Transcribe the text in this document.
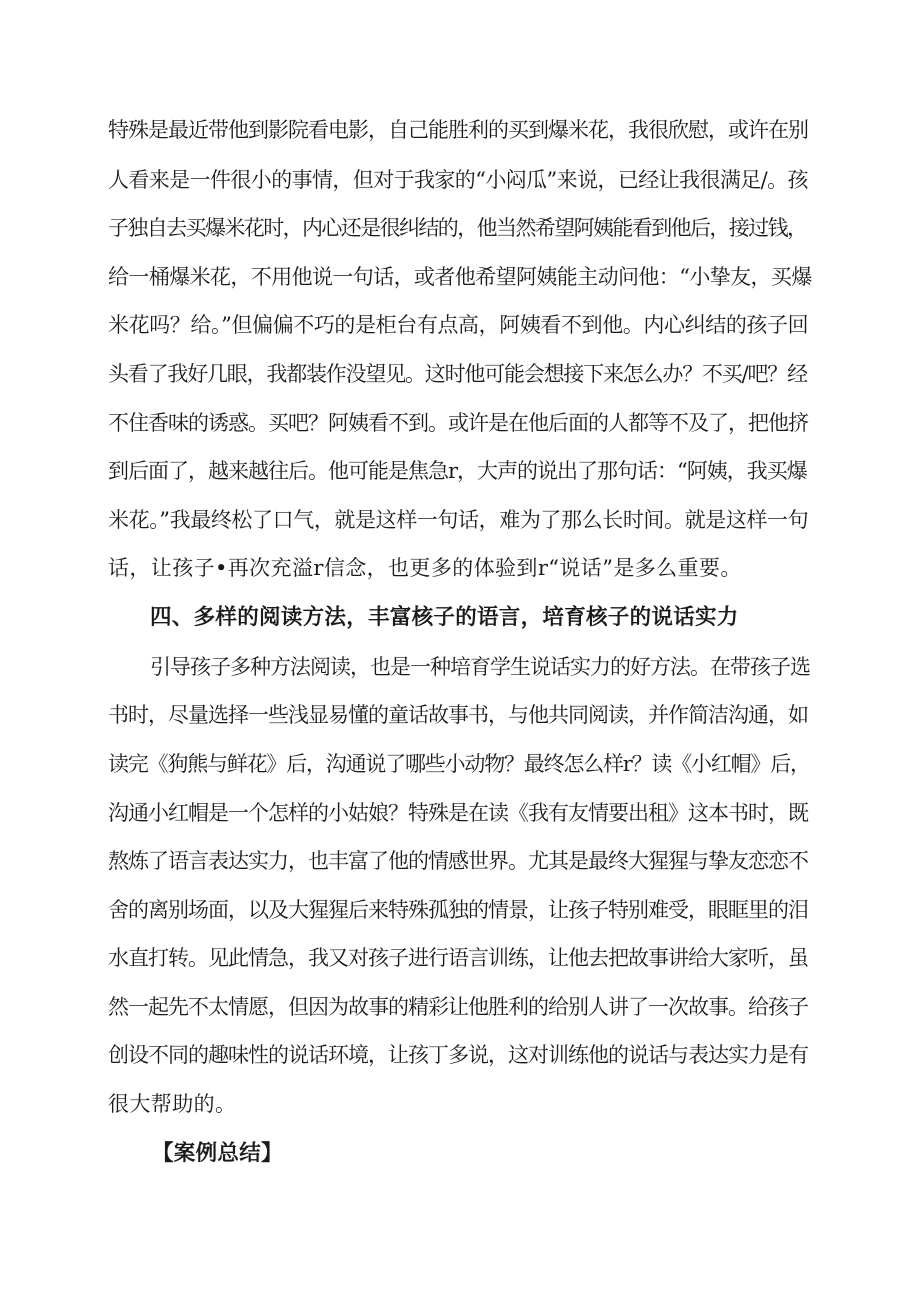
特殊是最近带他到影院看电影，自己能胜利的买到爆米花，我很欣慰，或许在别
人看来是一件很小的事情，但对于我家的“小闷瓜”来说，已经让我很满足/。孩
子独自去买爆米花时，内心还是很纠结的，他当然希望阿姨能看到他后，接过钱，
给一桶爆米花，不用他说一句话，或者他希望阿姨能主动问他：“小挚友，买爆
米花吗？给。”但偏偏不巧的是柜台有点高，阿姨看不到他。内心纠结的孩子回
头看了我好几眼，我都装作没望见。这时他可能会想接下来怎么办？不买/吧？经
不住香味的诱惑。买吧？阿姨看不到。或许是在他后面的人都等不及了，把他挤
到后面了，越来越往后。他可能是焦急r，大声的说出了那句话：“阿姨，我买爆
米花。”我最终松了口气，就是这样一句话，难为了那么长时间。就是这样一句
话，让孩子•再次充溢r信念，也更多的体验到r“说话”是多么重要。
四、多样的阅读方法，丰富核子的语言，培育核子的说话实力
引导孩子多种方法阅读，也是一种培育学生说话实力的好方法。在带孩子选
书时，尽量选择一些浅显易懂的童话故事书，与他共同阅读，并作简洁沟通，如
读完《狗熊与鲜花》后，沟通说了哪些小动物？最终怎么样r？读《小红帽》后，
沟通小红帽是一个怎样的小姑娘？特殊是在读《我有友情要出租》这本书时，既
熬炼了语言表达实力，也丰富了他的情感世界。尤其是最终大猩猩与挚友恋恋不
舍的离别场面，以及大猩猩后来特殊孤独的情景，让孩子特别难受，眼眶里的泪
水直打转。见此情急，我又对孩子进行语言训练，让他去把故事讲给大家听，虽
然一起先不太情愿，但因为故事的精彩让他胜利的给别人讲了一次故事。给孩子
创设不同的趣味性的说话环境，让孩丁多说，这对训练他的说话与表达实力是有
很大帮助的。
【案例总结】
